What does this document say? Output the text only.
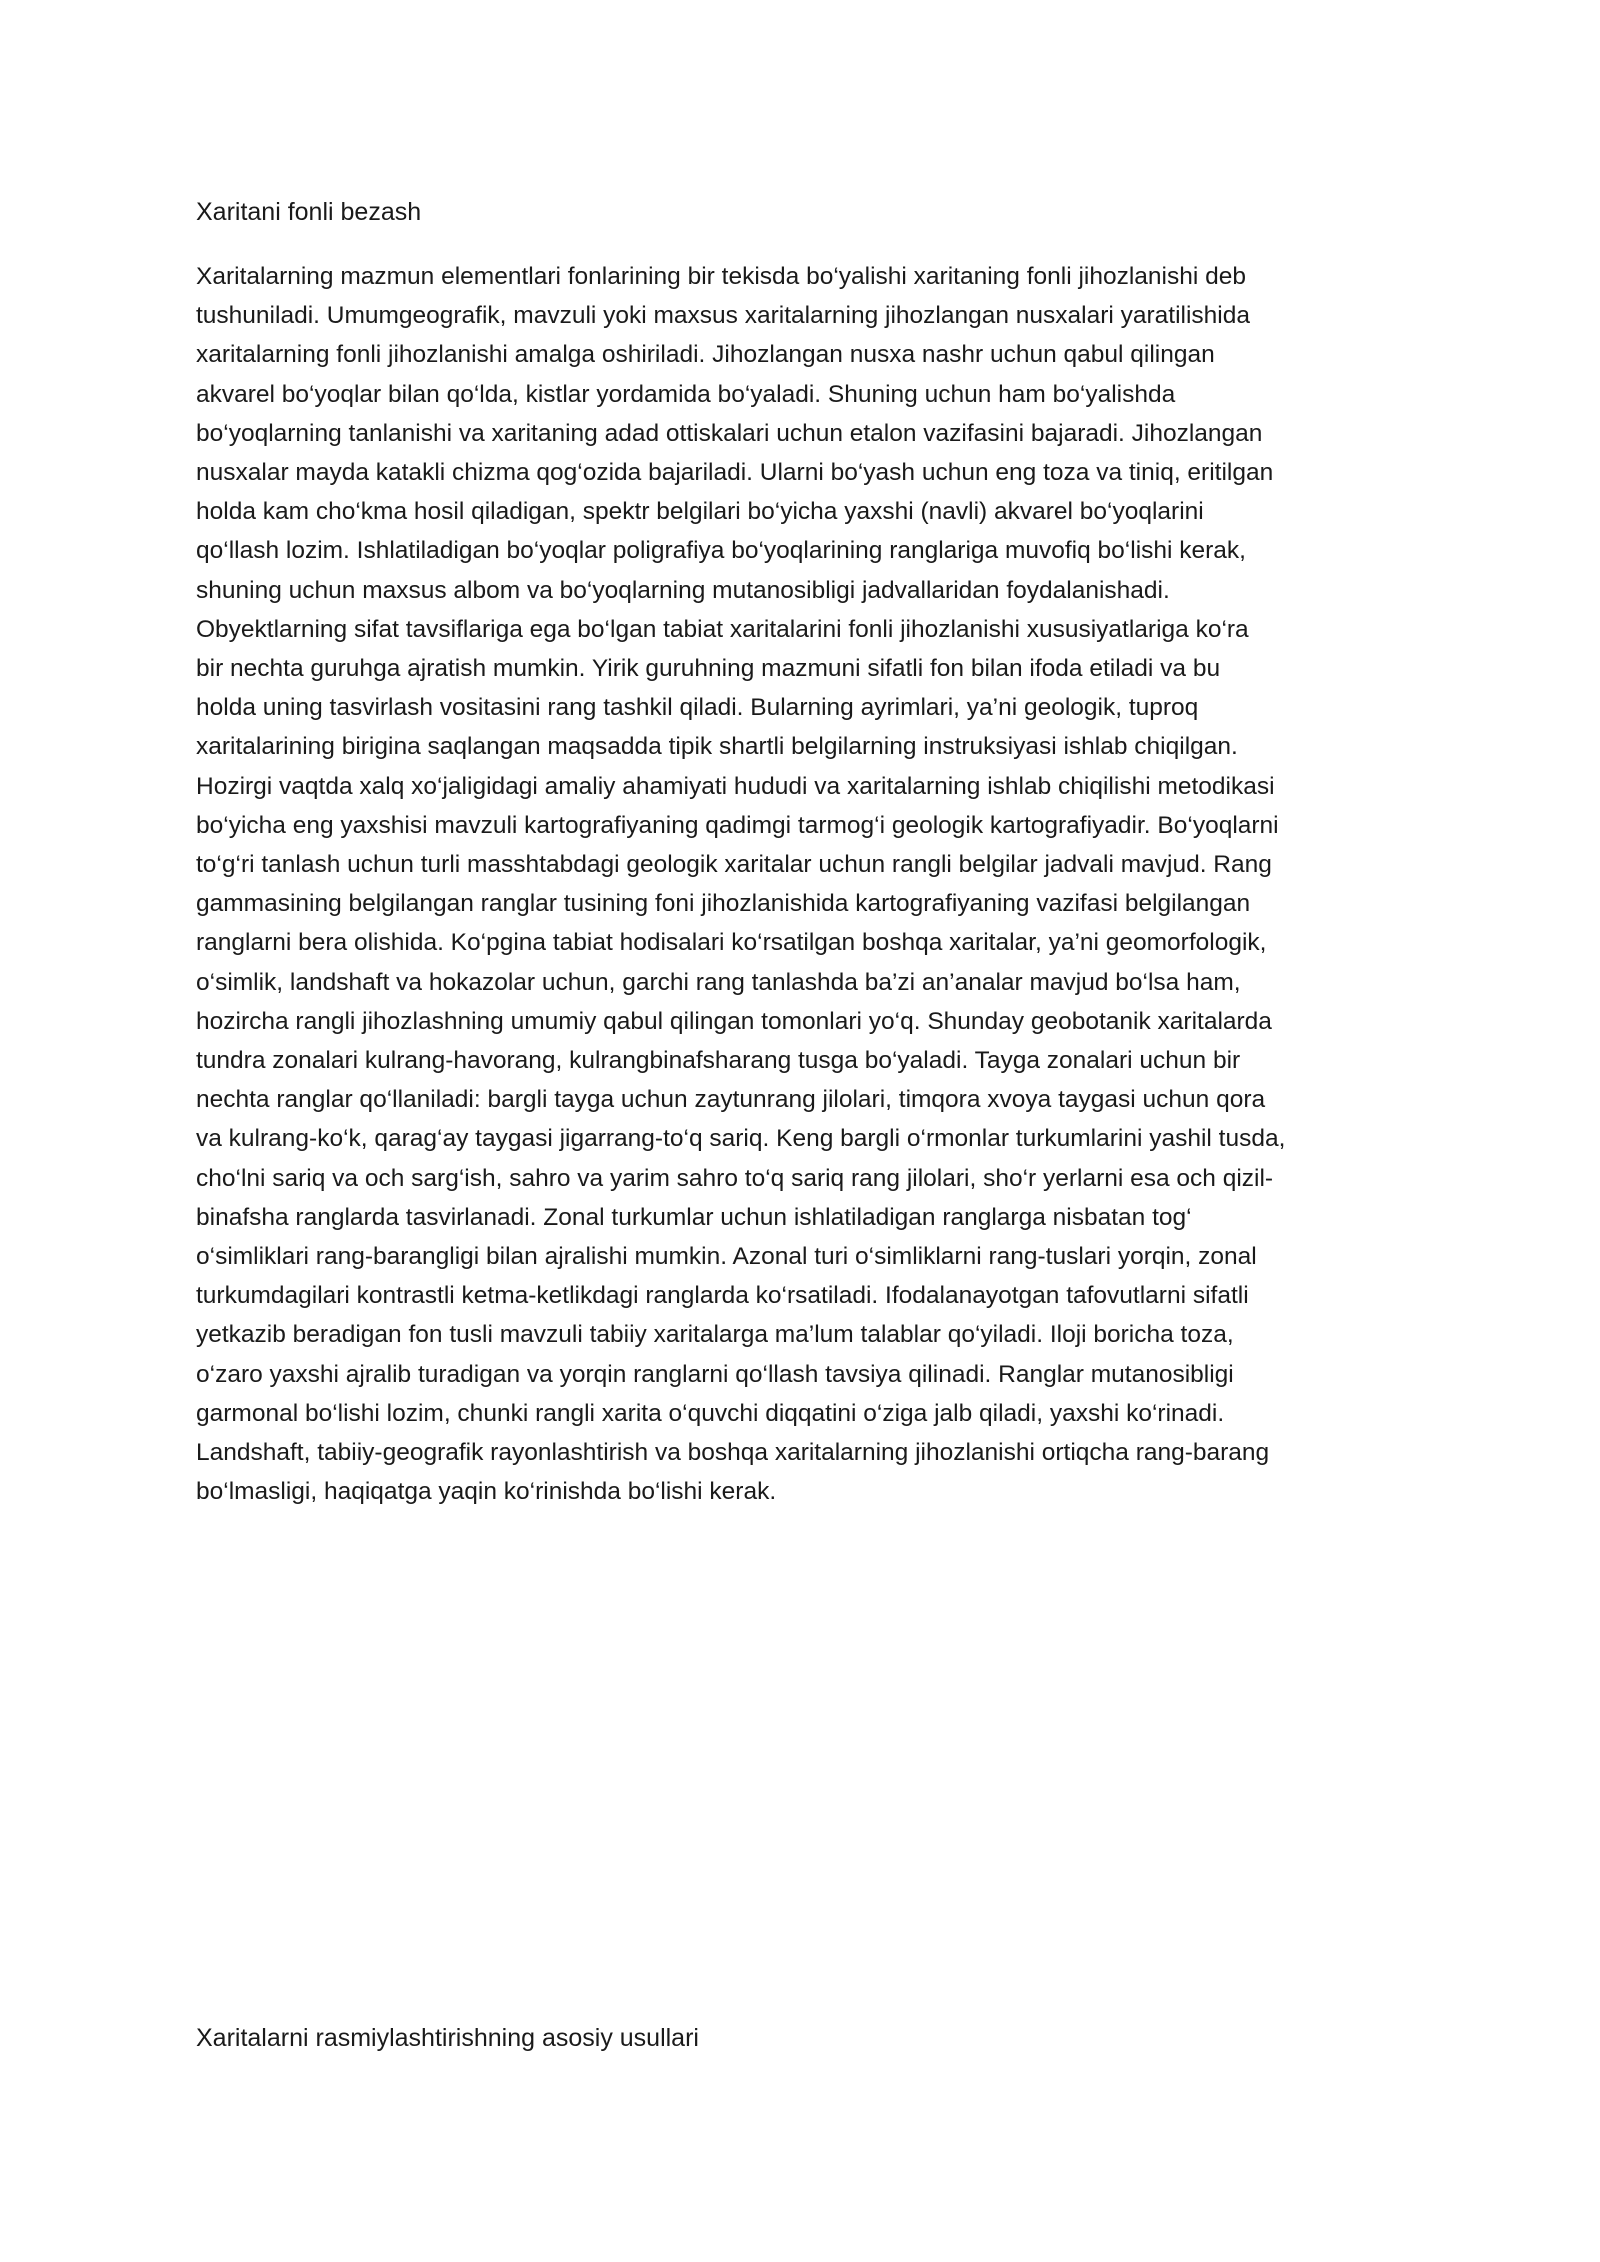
Xaritani fonli bezash

Xaritalarning mazmun elementlari fonlarining bir tekisda bo‘yalishi xaritaning fonli jihozlanishi deb
tushuniladi. Umumgeografik, mavzuli yoki maxsus xaritalarning jihozlangan nusxalari yaratilishida
xaritalarning fonli jihozlanishi amalga oshiriladi. Jihozlangan nusxa nashr uchun qabul qilingan
akvarel bo‘yoqlar bilan qo‘lda, kistlar yordamida bo‘yaladi. Shuning uchun ham bo‘yalishda
bo‘yoqlarning tanlanishi va xaritaning adad ottiskalari uchun etalon vazifasini bajaradi. Jihozlangan
nusxalar mayda katakli chizma qog‘ozida bajariladi. Ularni bo‘yash uchun eng toza va tiniq, eritilgan
holda kam cho‘kma hosil qiladigan, spektr belgilari bo‘yicha yaxshi (navli) akvarel bo‘yoqlarini
qo‘llash lozim. Ishlatiladigan bo‘yoqlar poligrafiya bo‘yoqlarining ranglariga muvofiq bo‘lishi kerak,
shuning uchun maxsus albom va bo‘yoqlarning mutanosibligi jadvallaridan foydalanishadi.
Obyektlarning sifat tavsiflariga ega bo‘lgan tabiat xaritalarini fonli jihozlanishi xususiyatlariga ko‘ra
bir nechta guruhga ajratish mumkin. Yirik guruhning mazmuni sifatli fon bilan ifoda etiladi va bu
holda uning tasvirlash vositasini rang tashkil qiladi. Bularning ayrimlari, ya’ni geologik, tuproq
xaritalarining birigina saqlangan maqsadda tipik shartli belgilarning instruksiyasi ishlab chiqilgan.
Hozirgi vaqtda xalq xo‘jaligidagi amaliy ahamiyati hududi va xaritalarning ishlab chiqilishi metodikasi
bo‘yicha eng yaxshisi mavzuli kartografiyaning qadimgi tarmog‘i geologik kartografiyadir. Bo‘yoqlarni
to‘g‘ri tanlash uchun turli masshtabdagi geologik xaritalar uchun rangli belgilar jadvali mavjud. Rang
gammasining belgilangan ranglar tusining foni jihozlanishida kartografiyaning vazifasi belgilangan
ranglarni bera olishida. Ko‘pgina tabiat hodisalari ko‘rsatilgan boshqa xaritalar, ya’ni geomorfologik,
o‘simlik, landshaft va hokazolar uchun, garchi rang tanlashda ba’zi an’analar mavjud bo‘lsa ham,
hozircha rangli jihozlashning umumiy qabul qilingan tomonlari yo‘q. Shunday geobotanik xaritalarda
tundra zonalari kulrang-havorang, kulrangbinafsharang tusga bo‘yaladi. Tayga zonalari uchun bir
nechta ranglar qo‘llaniladi: bargli tayga uchun zaytunrang jilolari, timqora xvoya taygasi uchun qora
va kulrang-ko‘k, qarag‘ay taygasi jigarrang-to‘q sariq. Keng bargli o‘rmonlar turkumlarini yashil tusda,
cho‘lni sariq va och sarg‘ish, sahro va yarim sahro to‘q sariq rang jilolari, sho‘r yerlarni esa och qizil-
binafsha ranglarda tasvirlanadi. Zonal turkumlar uchun ishlatiladigan ranglarga nisbatan tog‘
o‘simliklari rang-barangligi bilan ajralishi mumkin. Azonal turi o‘simliklarni rang-tuslari yorqin, zonal
turkumdagilari kontrastli ketma-ketlikdagi ranglarda ko‘rsatiladi. Ifodalanayotgan tafovutlarni sifatli
yetkazib beradigan fon tusli mavzuli tabiiy xaritalarga ma’lum talablar qo‘yiladi. Iloji boricha toza,
o‘zaro yaxshi ajralib turadigan va yorqin ranglarni qo‘llash tavsiya qilinadi. Ranglar mutanosibligi
garmonal bo‘lishi lozim, chunki rangli xarita o‘quvchi diqqatini o‘ziga jalb qiladi, yaxshi ko‘rinadi.
Landshaft, tabiiy-geografik rayonlashtirish va boshqa xaritalarning jihozlanishi ortiqcha rang-barang
bo‘lmasligi, haqiqatga yaqin ko‘rinishda bo‘lishi kerak.

Xaritalarni rasmiylashtirishning asosiy usullari
